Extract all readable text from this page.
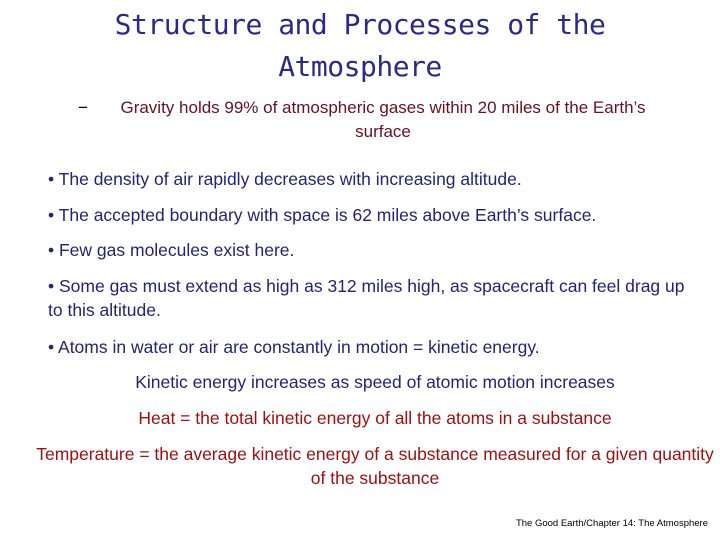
Structure and Processes of the
Atmosphere
−	Gravity holds 99% of atmospheric gases within 20 miles of the Earth’s surface
• The density of air rapidly decreases with increasing altitude.
• The accepted boundary with space is 62 miles above Earth’s surface.
• Few gas molecules exist here.
• Some gas must extend as high as 312 miles high, as spacecraft can feel drag up to this altitude.
• Atoms in water or air are constantly in motion = kinetic energy.
Kinetic energy increases as speed of atomic motion increases
Heat = the total kinetic energy of all the atoms in a substance
Temperature = the average kinetic energy of a substance measured for a given quantity of the substance
The Good Earth/Chapter 14: The Atmosphere
